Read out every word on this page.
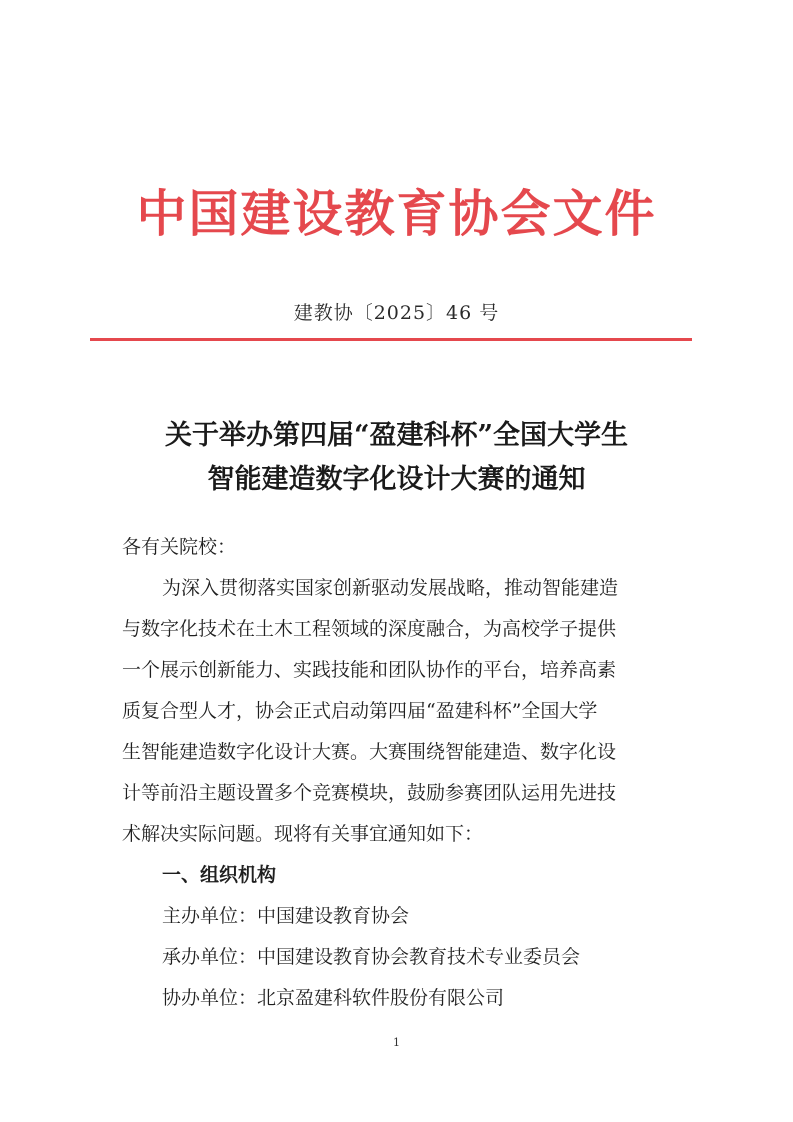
中国建设教育协会文件
建教协〔2025〕46 号
关于举办第四届“盈建科杯”全国大学生
智能建造数字化设计大赛的通知
各有关院校：
为深入贯彻落实国家创新驱动发展战略，推动智能建造
与数字化技术在土木工程领域的深度融合，为高校学子提供
一个展示创新能力、实践技能和团队协作的平台，培养高素
质复合型人才，协会正式启动第四届“盈建科杯”全国大学
生智能建造数字化设计大赛。大赛围绕智能建造、数字化设
计等前沿主题设置多个竞赛模块，鼓励参赛团队运用先进技
术解决实际问题。现将有关事宜通知如下：
一、组织机构
主办单位：中国建设教育协会
承办单位：中国建设教育协会教育技术专业委员会
协办单位：北京盈建科软件股份有限公司
1
